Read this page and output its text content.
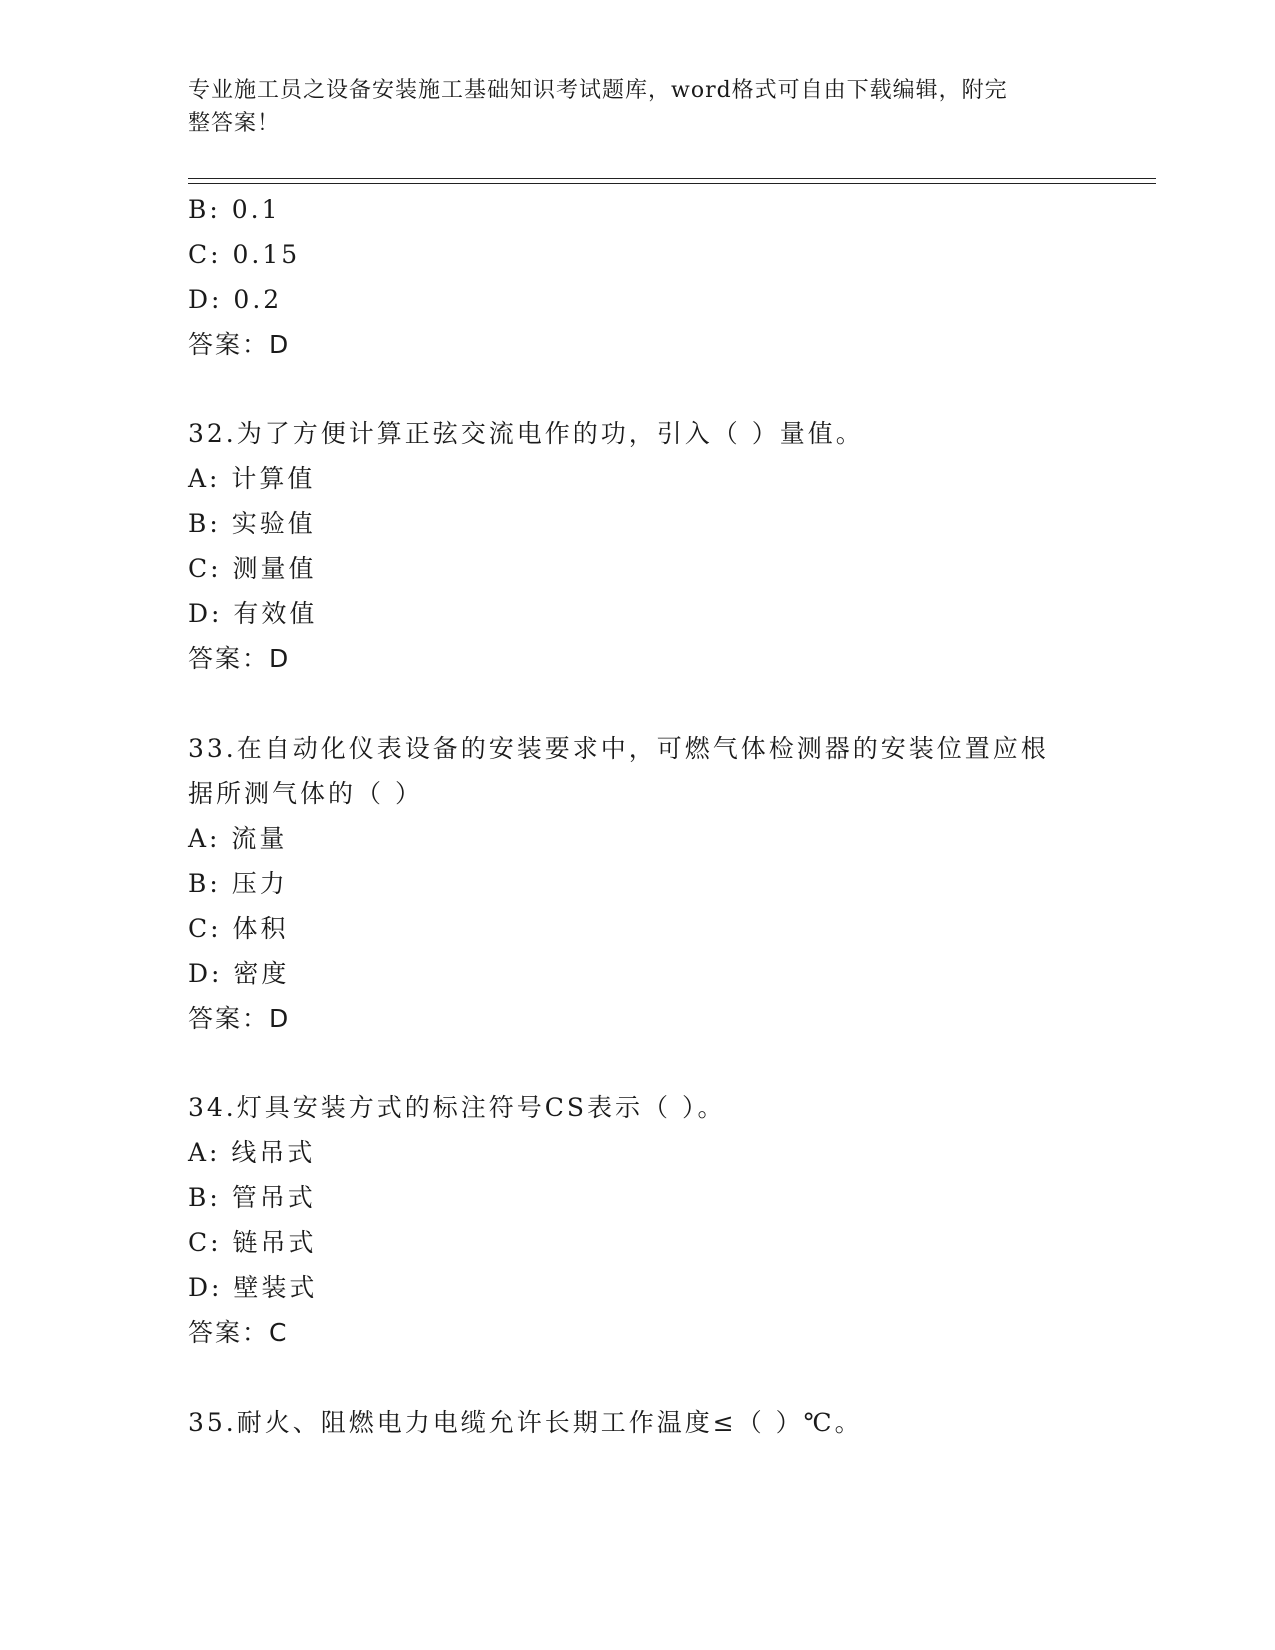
专业施工员之设备安装施工基础知识考试题库，word格式可自由下载编辑，附完
整答案！
B: 0.1
C: 0.15
D: 0.2
答案：D
32.为了方便计算正弦交流电作的功，引入（ ）量值。
A: 计算值
B: 实验值
C: 测量值
D: 有效值
答案：D
33.在自动化仪表设备的安装要求中，可燃气体检测器的安装位置应根
据所测气体的（ ）
A: 流量
B: 压力
C: 体积
D: 密度
答案：D
34.灯具安装方式的标注符号CS表示（ ）。
A: 线吊式
B: 管吊式
C: 链吊式
D: 壁装式
答案：C
35.耐火、阻燃电力电缆允许长期工作温度≤（ ）℃。
